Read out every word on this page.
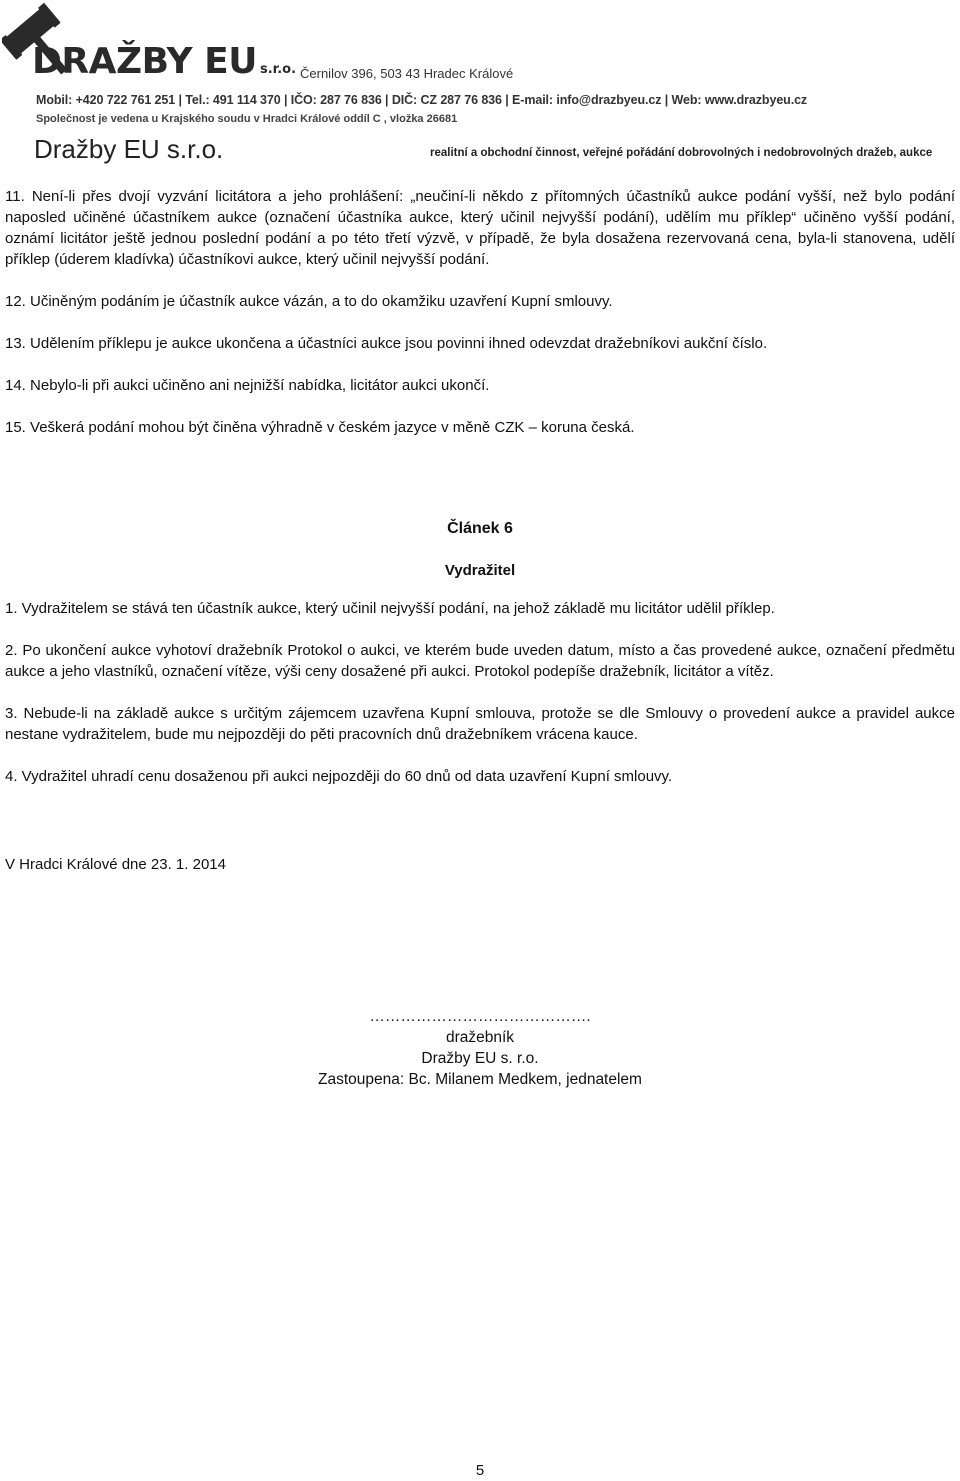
DRAŽBY EU s.r.o. Černilov 396, 503 43 Hradec Králové
Mobil: +420 722 761 251 | Tel.: 491 114 370 | IČO: 287 76 836 | DIČ: CZ 287 76 836 | E-mail: info@drazbyeu.cz | Web: www.drazbyeu.cz
Společnost je vedena u Krajského soudu v Hradci Králové oddíl C , vložka 26681
Dražby EU s.r.o.	realitní a obchodní činnost, veřejné pořádání dobrovolných i nedobrovolných dražeb, aukce

11. Není-li přes dvojí vyzvání licitátora a jeho prohlášení: „neučiní-li někdo z přítomných účastníků aukce podání vyšší, než bylo podání naposled učiněné účastníkem aukce (označení účastníka aukce, který učinil nejvyšší podání), udělím mu příklep“ učiněno vyšší podání, oznámí licitátor ještě jednou poslední podání a po této třetí výzvě, v případě, že byla dosažena rezervovaná cena, byla-li stanovena, udělí příklep (úderem kladívka) účastníkovi aukce, který učinil nejvyšší podání.

12. Učiněným podáním je účastník aukce vázán, a to do okamžiku uzavření Kupní smlouvy.

13. Udělením příklepu je aukce ukončena a účastníci aukce jsou povinni ihned odevzdat dražebníkovi aukční číslo.

14. Nebylo-li při aukci učiněno ani nejnižší nabídka, licitátor aukci ukončí.

15. Veškerá podání mohou být činěna výhradně v českém jazyce v měně CZK – koruna česká.

Článek 6
Vydražitel

1. Vydražitelem se stává ten účastník aukce, který učinil nejvyšší podání, na jehož základě mu licitátor udělil příklep.

2. Po ukončení aukce vyhotoví dražebník Protokol o aukci, ve kterém bude uveden datum, místo a čas provedené aukce, označení předmětu aukce a jeho vlastníků, označení vítěze, výši ceny dosažené při aukci. Protokol podepíše dražebník, licitátor a vítěz.

3. Nebude-li na základě aukce s určitým zájemcem uzavřena Kupní smlouva, protože se dle Smlouvy o provedení aukce a pravidel aukce nestane vydražitelem, bude mu nejpozději do pěti pracovních dnů dražebníkem vrácena kauce.

4. Vydražitel uhradí cenu dosaženou při aukci nejpozději do 60 dnů od data uzavření Kupní smlouvy.

V Hradci Králové dne 23. 1. 2014
…………………………………….
dražebník
Dražby EU s. r.o.
Zastoupena: Bc. Milanem Medkem, jednatelem
5
